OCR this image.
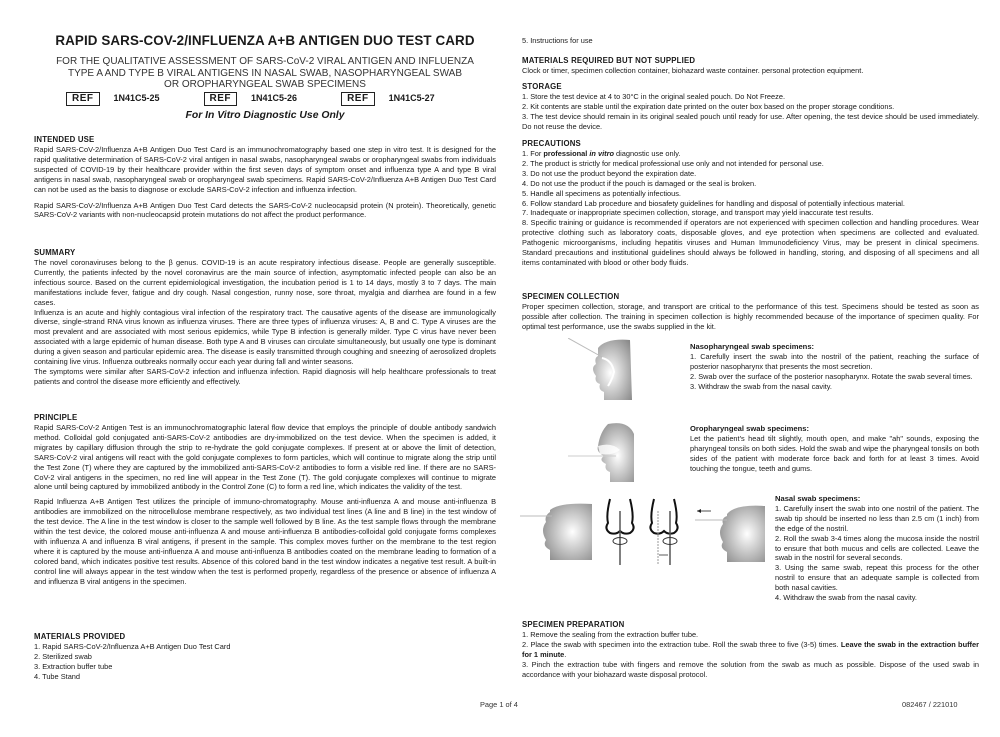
RAPID SARS-COV-2/INFLUENZA A+B ANTIGEN DUO TEST CARD
FOR THE QUALITATIVE ASSESSMENT OF SARS-CoV-2 VIRAL ANTIGEN AND INFLUENZA
TYPE A AND TYPE B VIRAL ANTIGENS IN NASAL SWAB, NASOPHARYNGEAL SWAB
OR OROPHARYNGEAL SWAB SPECIMENS
REF	1N41C5-25	REF	1N41C5-26	REF	1N41C5-27
For In Vitro Diagnostic Use Only
INTENDED USE

Rapid SARS-CoV-2/Influenza A+B Antigen Duo Test Card is an immunochromatography based one step in vitro test. It is designed for the rapid qualitative determination of SARS-CoV-2 viral antigen in nasal swabs, nasopharyngeal swabs or oropharyngeal swabs from individuals suspected of COVID-19 by their healthcare provider within the first seven days of symptom onset and influenza type A and type B viral antigens in nasal swab, nasopharyngeal swab or oropharyngeal swab specimens. Rapid SARS-CoV-2/Influenza A+B Antigen Duo Test Card can not be used as the basis to diagnose or exclude SARS-CoV-2 infection and influenza infection.

Rapid SARS-CoV-2/Influenza A+B Antigen Duo Test Card detects the SARS-CoV-2 nucleocapsid protein (N protein). Theoretically, genetic SARS-CoV-2 variants with non-nucleocapsid protein mutations do not affect the product performance.

SUMMARY

The novel coronaviruses belong to the β genus. COVID-19 is an acute respiratory infectious disease. People are generally susceptible. Currently, the patients infected by the novel coronavirus are the main source of infection, asymptomatic infected people can also be an infectious source. Based on the current epidemiological investigation, the incubation period is 1 to 14 days, mostly 3 to 7 days. The main manifestations include fever, fatigue and dry cough. Nasal congestion, runny nose, sore throat, myalgia and diarrhea are found in a few cases.

Influenza is an acute and highly contagious viral infection of the respiratory tract. The causative agents of the disease are immunologically diverse, single-strand RNA virus known as influenza viruses. There are three types of influenza viruses: A, B and C. Type A viruses are the most prevalent and are associated with most serious epidemics, while Type B infection is generally milder. Type C virus have never been associated with a large epidemic of human disease. Both type A and B viruses can circulate simultaneously, but usually one type is dominant during a given season and particular epidemic area. The disease is easily transmitted through coughing and sneezing of aerosolized droplets containing live virus. Influenza outbreaks normally occur each year during fall and winter seasons.

The symptoms were similar after SARS-CoV-2 infection and influenza infection. Rapid diagnosis will help healthcare professionals to treat patients and control the disease more efficiently and effectively.

PRINCIPLE

Rapid SARS-CoV-2 Antigen Test is an immunochromatographic lateral flow device that employs the principle of double antibody sandwich method. Colloidal gold conjugated anti-SARS-CoV-2 antibodies are dry-immobilized on the test device. When the specimen is added, it migrates by capillary diffusion through the strip to re-hydrate the gold conjugate complexes. If present at or above the limit of detection, SARS-CoV-2 viral antigens will react with the gold conjugate complexes to form particles, which will continue to migrate along the strip until the Test Zone (T) where they are captured by the immobilized anti-SARS-CoV-2 antibodies to form a visible red line. If there are no SARS-CoV-2 viral antigens in the specimen, no red line will appear in the Test Zone (T). The gold conjugate complexes will continue to migrate alone until being captured by immobilized antibody in the Control Zone (C) to form a red line, which indicates the validity of the test.

Rapid Influenza A+B Antigen Test utilizes the principle of immuno-chromatography. Mouse anti-influenza A and mouse anti-influenza B antibodies are immobilized on the nitrocellulose membrane respectively, as two individual test lines (A line and B line) in the test window of the test device. The A line in the test window is closer to the sample well followed by B line. As the test sample flows through the membrane within the test device, the colored mouse anti-influenza A and mouse anti-influenza B antibodies-colloidal gold conjugate forms complexes with influenza A and influenza B viral antigens, if present in the sample. This complex moves further on the membrane to the test region where it is captured by the mouse anti-influenza A and mouse anti-influenza B antibodies coated on the membrane leading to formation of a colored band, which indicates positive test results. Absence of this colored band in the test window indicates a negative test result. A built-in control line will always appear in the test window when the test is performed properly, regardless of the presence or absence of influenza A and influenza B viral antigens in the specimen.

MATERIALS PROVIDED
1. Rapid SARS-CoV-2/Influenza A+B Antigen Duo Test Card
2. Sterilized swab
3. Extraction buffer tube
4. Tube Stand
5. Instructions for use
MATERIALS REQUIRED BUT NOT SUPPLIED

Clock or timer, specimen collection container, biohazard waste container. personal protection equipment.

STORAGE
1. Store the test device at 4 to 30°C in the original sealed pouch. Do Not Freeze.
2. Kit contents are stable until the expiration date printed on the outer box based on the proper storage conditions.
3. The test device should remain in its original sealed pouch until ready for use. After opening, the test device should be used immediately. Do not reuse the device.
PRECAUTIONS
1. For professional in vitro diagnostic use only.
2. The product is strictly for medical professional use only and not intended for personal use.
3. Do not use the product beyond the expiration date.
4. Do not use the product if the pouch is damaged or the seal is broken.
5. Handle all specimens as potentially infectious.
6. Follow standard Lab procedure and biosafety guidelines for handling and disposal of potentially infectious material.
7. Inadequate or inappropriate specimen collection, storage, and transport may yield inaccurate test results.
8. Specific training or guidance is recommended if operators are not experienced with specimen collection and handling procedures. Wear protective clothing such as laboratory coats, disposable gloves, and eye protection when specimens are collected and evaluated. Pathogenic microorganisms, including hepatitis viruses and Human Immunodeficiency Virus, may be present in clinical specimens. Standard precautions and institutional guidelines should always be followed in handling, storing, and disposing of all specimens and all items contaminated with blood or other body fluids.
SPECIMEN COLLECTION

Proper specimen collection, storage, and transport are critical to the performance of this test. Specimens should be tested as soon as possible after collection. The training in specimen collection is highly recommended because of the importance of specimen quality. For optimal test performance, use the swabs supplied in the kit.

Nasopharyngeal swab specimens:
1. Carefully insert the swab into the nostril of the patient, reaching the surface of posterior nasopharynx that presents the most secretion.
2. Swab over the surface of the posterior nasopharynx. Rotate the swab several times.
3. Withdraw the swab from the nasal cavity.
Oropharyngeal swab specimens:

Let the patient's head tilt slightly, mouth open, and make "ah" sounds, exposing the pharyngeal tonsils on both sides. Hold the swab and wipe the pharyngeal tonsils on both sides of the patient with moderate force back and forth for at least 3 times. Avoid touching the tongue, teeth and gums.

Nasal swab specimens:
1. Carefully insert the swab into one nostril of the patient. The swab tip should be inserted no less than 2.5 cm (1 inch) from the edge of the nostril.
2. Roll the swab 3-4 times along the mucosa inside the nostril to ensure that both mucus and cells are collected. Leave the swab in the nostril for several seconds.
3. Using the same swab, repeat this process for the other nostril to ensure that an adequate sample is collected from both nasal cavities.
4. Withdraw the swab from the nasal cavity.
SPECIMEN PREPARATION
1. Remove the sealing from the extraction buffer tube.
2. Place the swab with specimen into the extraction tube. Roll the swab three to five (3-5) times. Leave the swab in the extraction buffer for 1 minute.
3. Pinch the extraction tube with fingers and remove the solution from the swab as much as possible. Dispose of the used swab in accordance with your biohazard waste disposal protocol.
Page 1 of 4	082467 / 221010
